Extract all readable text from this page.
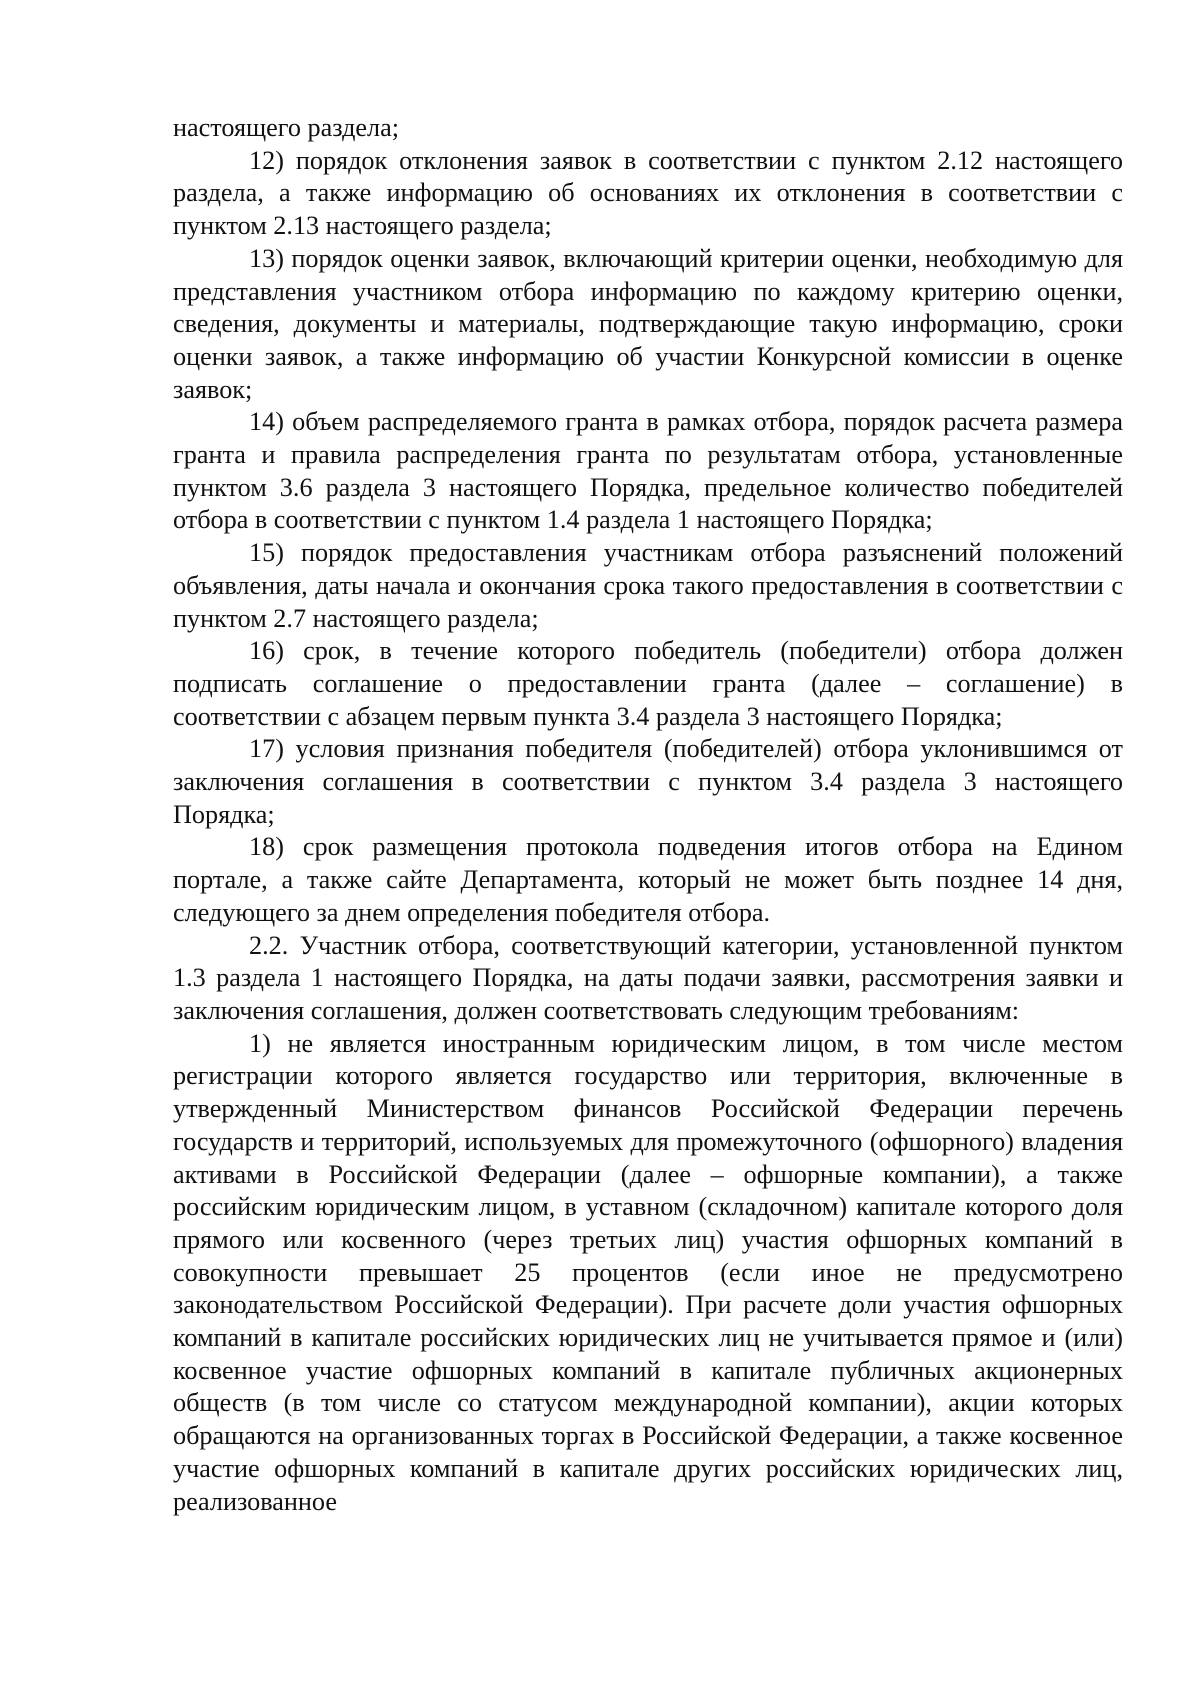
настоящего раздела;

12) порядок отклонения заявок в соответствии с пунктом 2.12 настоящего раздела, а также информацию об основаниях их отклонения в соответствии с пунктом 2.13 настоящего раздела;

13) порядок оценки заявок, включающий критерии оценки, необходимую для представления участником отбора информацию по каждому критерию оценки, сведения, документы и материалы, подтверждающие такую информацию, сроки оценки заявок, а также информацию об участии Конкурсной комиссии в оценке заявок;

14) объем распределяемого гранта в рамках отбора, порядок расчета размера гранта и правила распределения гранта по результатам отбора, установленные пунктом 3.6 раздела 3 настоящего Порядка, предельное количество победителей отбора в соответствии с пунктом 1.4 раздела 1 настоящего Порядка;

15) порядок предоставления участникам отбора разъяснений положений объявления, даты начала и окончания срока такого предоставления в соответствии с пунктом 2.7 настоящего раздела;

16) срок, в течение которого победитель (победители) отбора должен подписать соглашение о предоставлении гранта (далее – соглашение) в соответствии с абзацем первым пункта 3.4 раздела 3 настоящего Порядка;

17) условия признания победителя (победителей) отбора уклонившимся от заключения соглашения в соответствии с пунктом 3.4 раздела 3 настоящего Порядка;

18) срок размещения протокола подведения итогов отбора на Едином портале, а также сайте Департамента, который не может быть позднее 14 дня, следующего за днем определения победителя отбора.

2.2. Участник отбора, соответствующий категории, установленной пунктом 1.3 раздела 1 настоящего Порядка, на даты подачи заявки, рассмотрения заявки и заключения соглашения, должен соответствовать следующим требованиям:

1) не является иностранным юридическим лицом, в том числе местом регистрации которого является государство или территория, включенные в утвержденный Министерством финансов Российской Федерации перечень государств и территорий, используемых для промежуточного (офшорного) владения активами в Российской Федерации (далее – офшорные компании), а также российским юридическим лицом, в уставном (складочном) капитале которого доля прямого или косвенного (через третьих лиц) участия офшорных компаний в совокупности превышает 25 процентов (если иное не предусмотрено законодательством Российской Федерации). При расчете доли участия офшорных компаний в капитале российских юридических лиц не учитывается прямое и (или) косвенное участие офшорных компаний в капитале публичных акционерных обществ (в том числе со статусом международной компании), акции которых обращаются на организованных торгах в Российской Федерации, а также косвенное участие офшорных компаний в капитале других российских юридических лиц, реализованное
